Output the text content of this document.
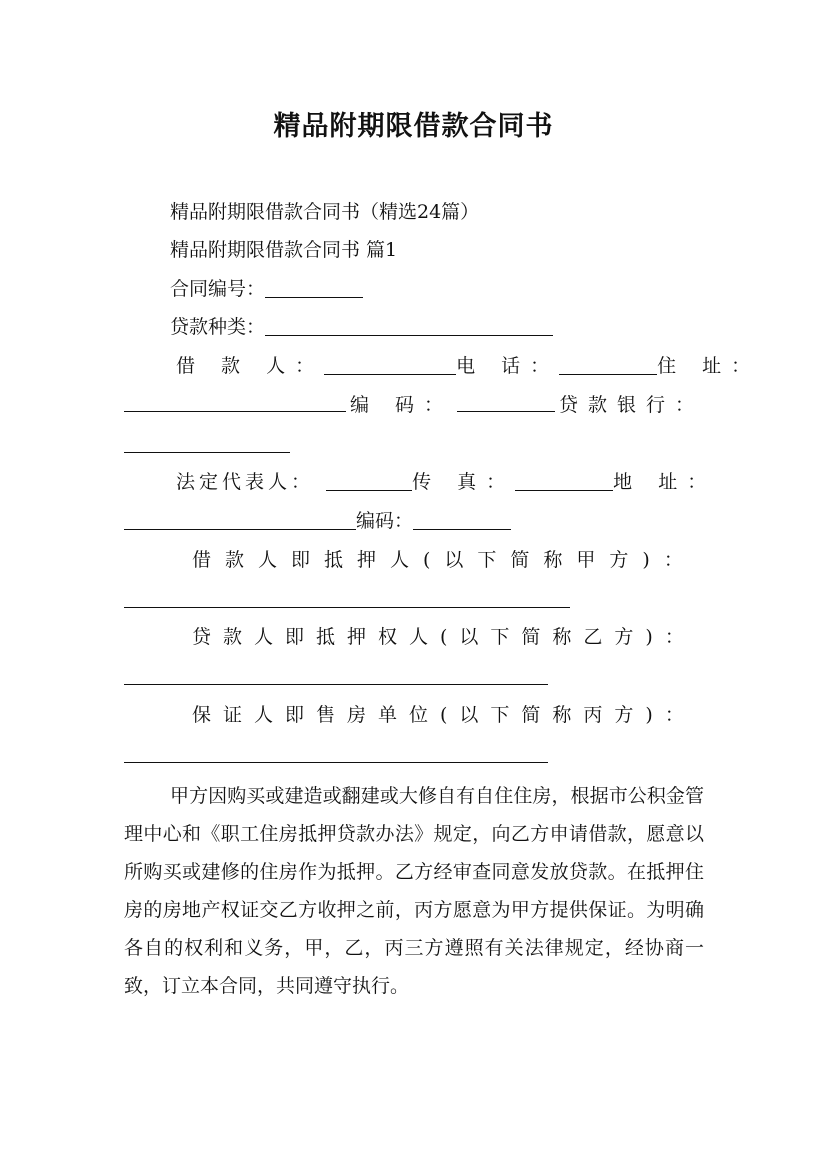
精品附期限借款合同书
精品附期限借款合同书（精选24篇）
精品附期限借款合同书 篇1
合同编号：
贷款种类：
借 款 人：	电 话：	住 址：
编 码：	贷款银行：
法定代表人：	传 真：	地 址：
编码：
借款人即抵押人(以下简称甲方)：
贷款人即抵押权人(以下简称乙方)：
保证人即售房单位(以下简称丙方)：

甲方因购买或建造或翻建或大修自有自住住房，根据市公积金管理中心和《职工住房抵押贷款办法》规定，向乙方申请借款，愿意以所购买或建修的住房作为抵押。乙方经审查同意发放贷款。在抵押住房的房地产权证交乙方收押之前，丙方愿意为甲方提供保证。为明确各自的权利和义务，甲，乙，丙三方遵照有关法律规定，经协商一致，订立本合同，共同遵守执行。
